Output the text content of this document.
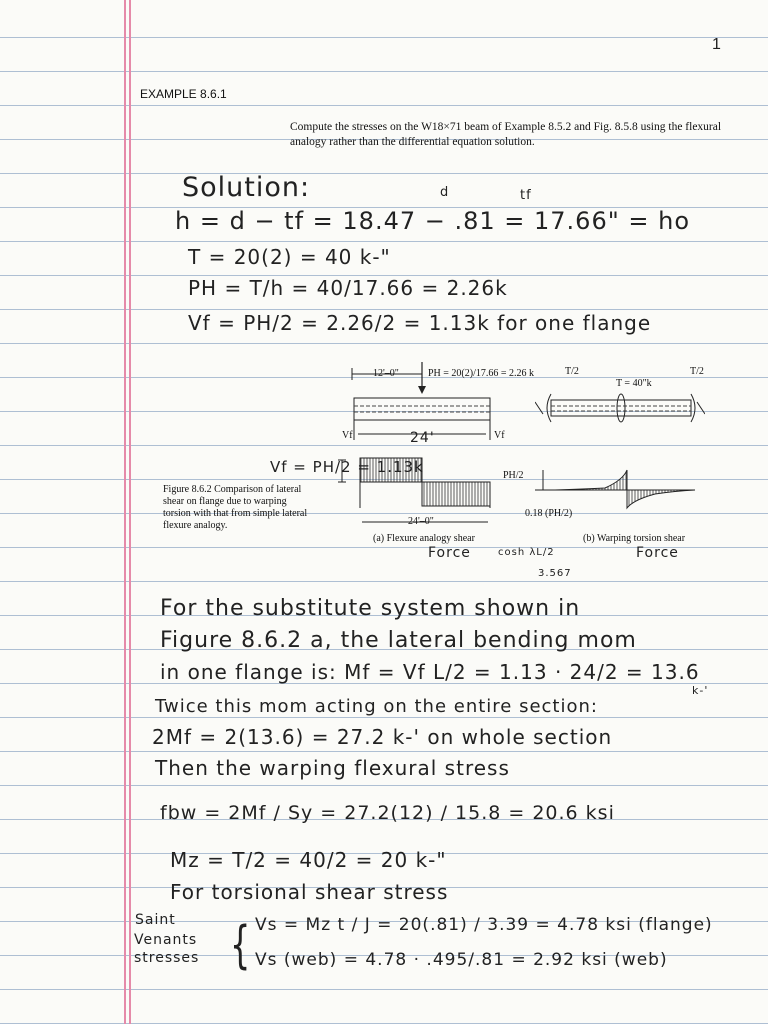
1
EXAMPLE 8.6.1
Compute the stresses on the W18×71 beam of Example 8.5.2 and Fig. 8.5.8 using the flexural analogy rather than the differential equation solution.
Solution:	d	tf
h = d − tf = 18.47 − .81 = 17.66" = ho
T = 20(2) = 40 k-"
PH = T/h = 40/17.66 = 2.26k
Vf = PH/2 = 2.26/2 = 1.13k for one flange
12'–0"	PH = 20(2)/17.66 = 2.26 k
Vf	Vf
24'
Vf = PH/2 = 1.13k
24'–0"
(a) Flexure analogy shear
Force
T/2
T = 40"k
T/2
PH/2
0.18 (PH/2)
(b) Warping torsion shear
Force
cosh λL/2
3.567
Figure 8.6.2 Comparison of lateral shear on flange due to warping torsion with that from simple lateral flexure analogy.
For the substitute system shown in
Figure 8.6.2 a, the lateral bending mom
in one flange is: Mf = Vf L/2 = 1.13 · 24/2 = 13.6
k-'
Twice this mom acting on the entire section:
2Mf = 2(13.6) = 27.2 k-' on whole section
Then the warping flexural stress
fbw = 2Mf / Sy = 27.2(12) / 15.8 = 20.6 ksi
Mz = T/2 = 40/2 = 20 k-"
For torsional shear stress
Saint
Venants
stresses { Vs = Mz t / J = 20(.81) / 3.39 = 4.78 ksi (flange)
Vs (web) = 4.78 · .495/.81 = 2.92 ksi (web)
